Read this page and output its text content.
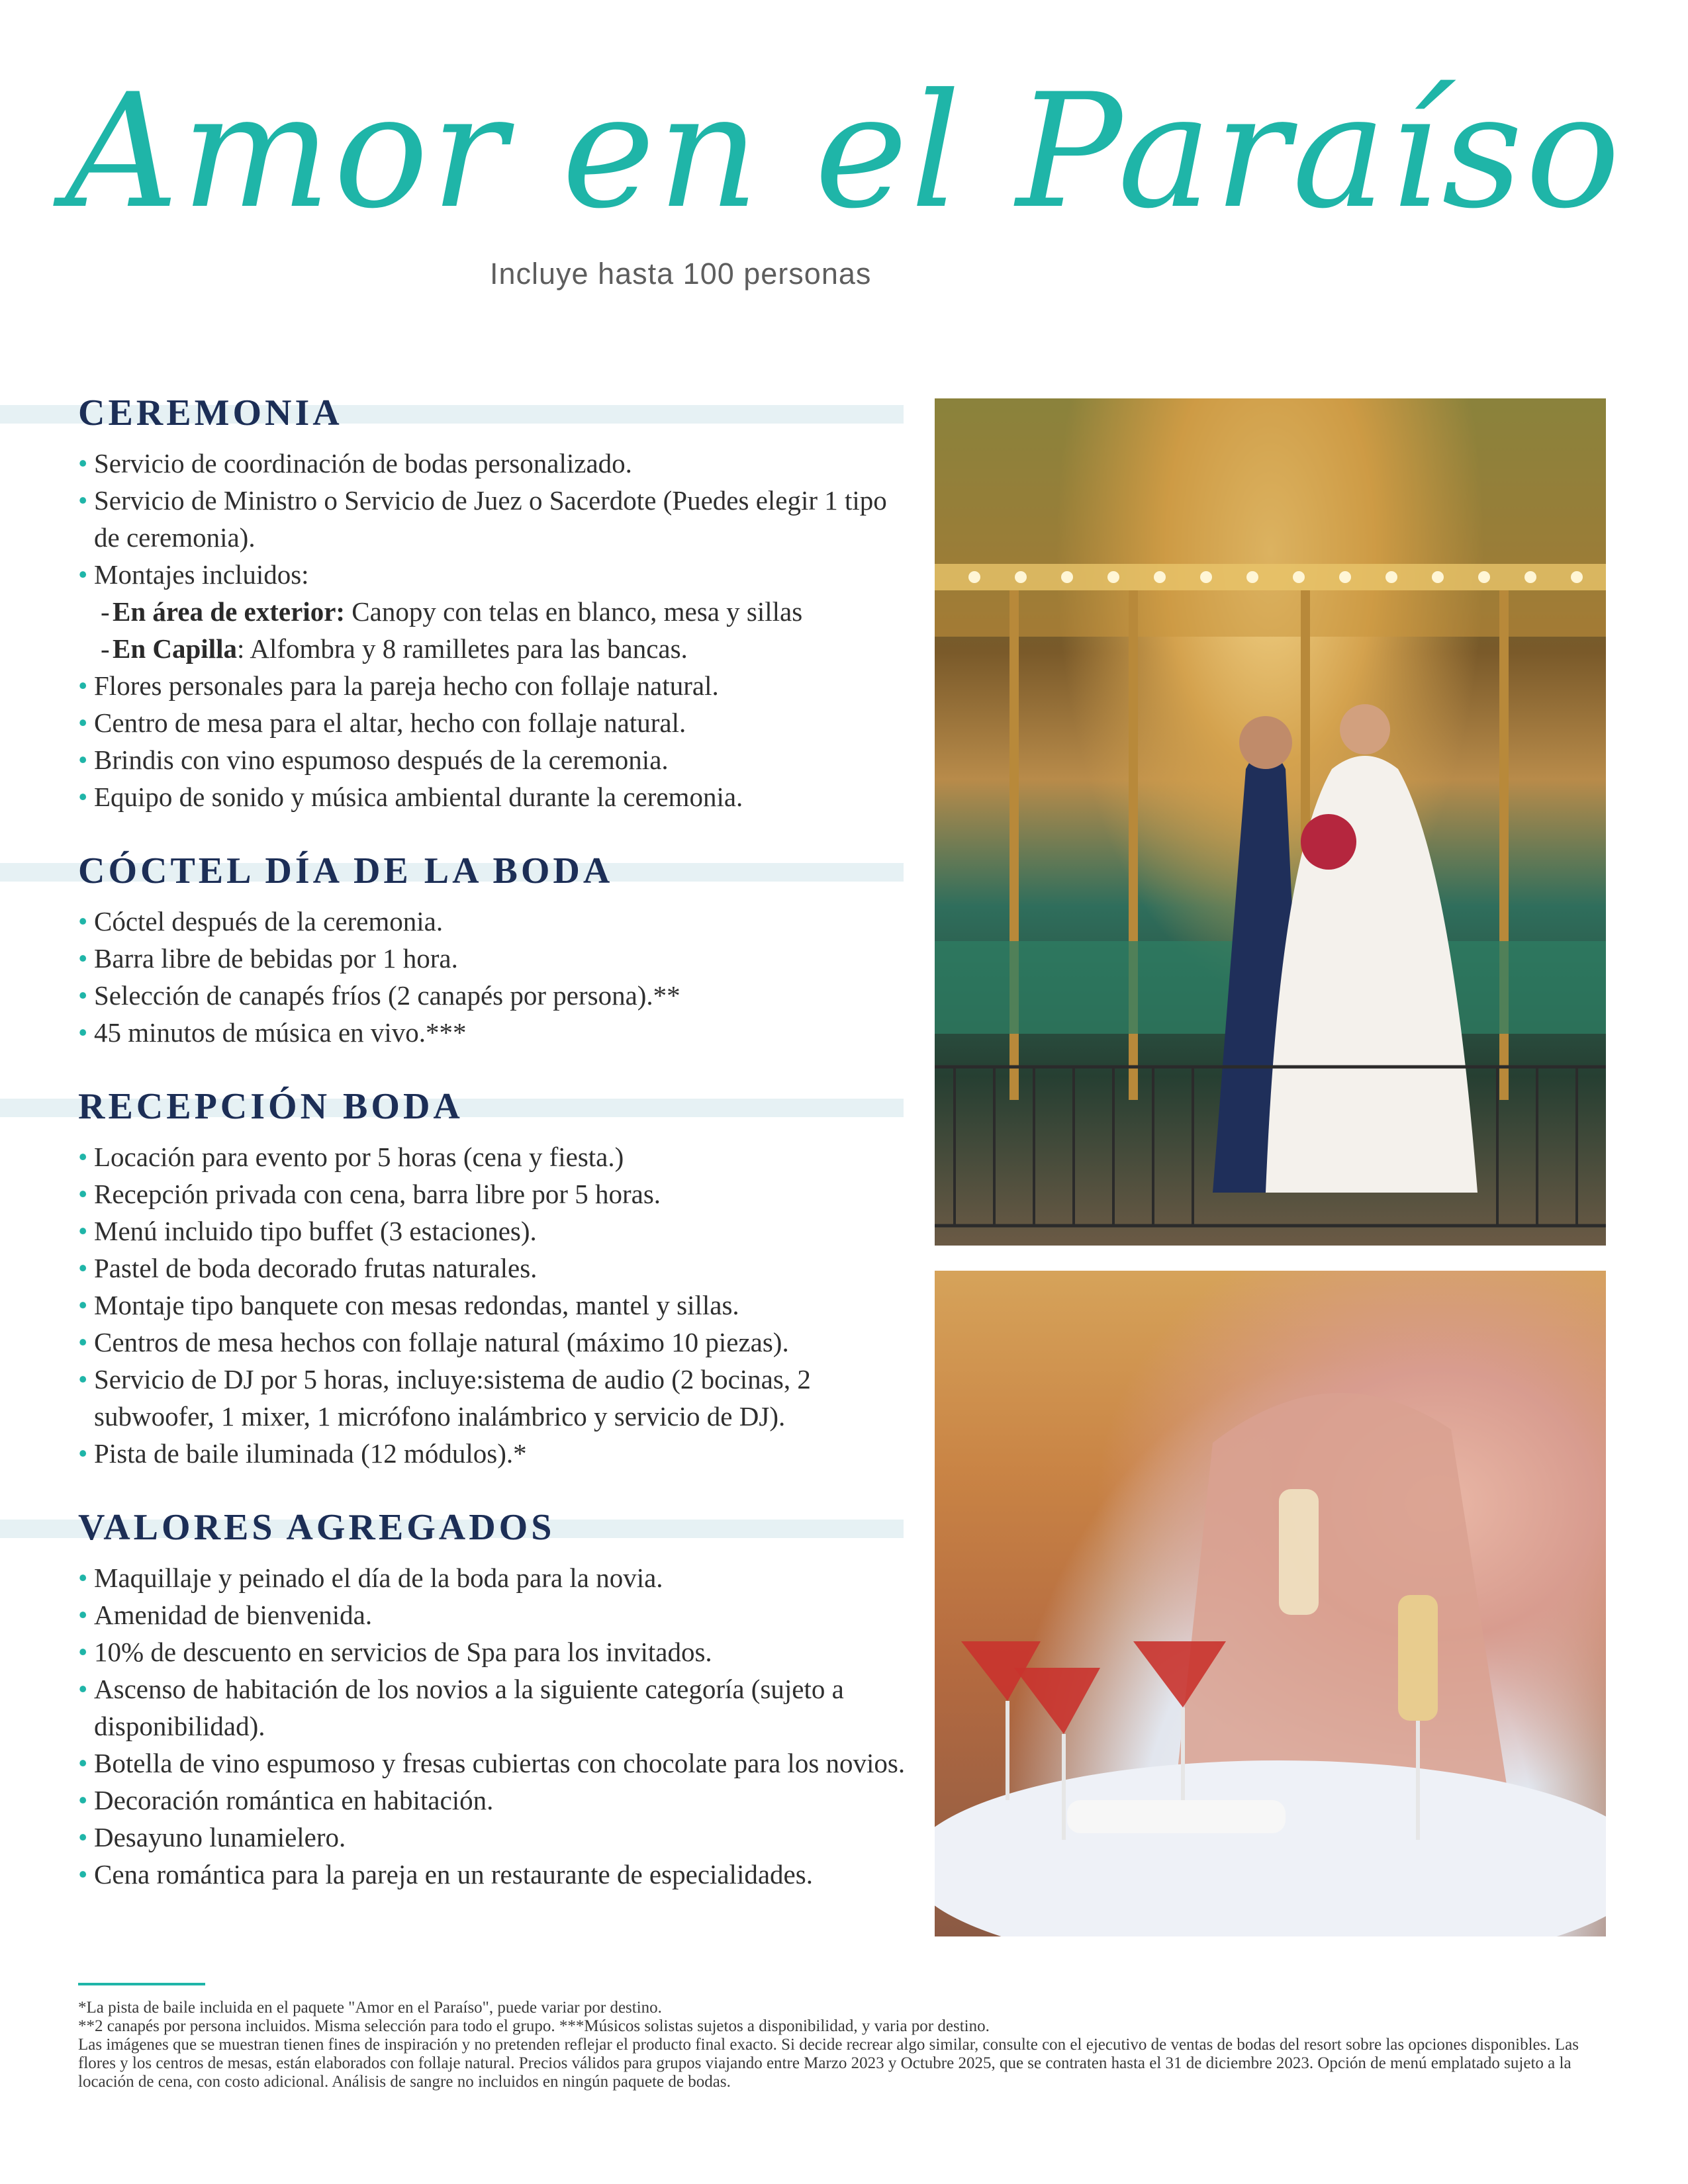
Amor en el Paraíso
Incluye hasta 100 personas
CEREMONIA
• Servicio de coordinación de bodas personalizado.
• Servicio de Ministro o Servicio de Juez o Sacerdote (Puedes elegir 1 tipo de ceremonia).
• Montajes incluidos:
- En área de exterior: Canopy con telas en blanco, mesa y sillas
- En Capilla: Alfombra y 8 ramilletes para las bancas.
• Flores personales para la pareja hecho con follaje natural.
• Centro de mesa para el altar, hecho con follaje natural.
• Brindis con vino espumoso después de la ceremonia.
• Equipo de sonido y música ambiental durante la ceremonia.
CÓCTEL DÍA DE LA BODA
• Cóctel después de la ceremonia.
• Barra libre de bebidas por 1 hora.
• Selección de canapés fríos (2 canapés por persona).**
• 45 minutos de música en vivo.***
RECEPCIÓN BODA
• Locación para evento por 5 horas (cena y fiesta.)
• Recepción privada con cena, barra libre por 5 horas.
• Menú incluido tipo buffet (3 estaciones).
• Pastel de boda decorado frutas naturales.
• Montaje tipo banquete con mesas redondas, mantel y sillas.
• Centros de mesa hechos con follaje natural (máximo 10 piezas).
• Servicio de DJ por 5 horas, incluye:sistema de audio (2 bocinas, 2 subwoofer, 1 mixer, 1 micrófono inalámbrico y servicio de DJ).
• Pista de baile iluminada (12 módulos).*
VALORES AGREGADOS
• Maquillaje y peinado el día de la boda para la novia.
• Amenidad de bienvenida.
• 10% de descuento en servicios de Spa para los invitados.
• Ascenso de habitación de los novios a la siguiente categoría (sujeto a disponibilidad).
• Botella de vino espumoso y fresas cubiertas con chocolate para los novios.
• Decoración romántica en habitación.
• Desayuno lunamielero.
• Cena romántica para la pareja en un restaurante de especialidades.

*La pista de baile incluida en el paquete "Amor en el Paraíso", puede variar por destino.

**2 canapés por persona incluidos. Misma selección para todo el grupo. ***Músicos solistas sujetos a disponibilidad, y varia por destino.

Las imágenes que se muestran tienen fines de inspiración y no pretenden reflejar el producto final exacto. Si decide recrear algo similar, consulte con el ejecutivo de ventas de bodas del resort sobre las opciones disponibles. Las flores y los centros de mesas, están elaborados con follaje natural. Precios válidos para grupos viajando entre Marzo 2023 y Octubre 2025, que se contraten hasta el 31 de diciembre 2023. Opción de menú emplatado sujeto a la locación de cena, con costo adicional. Análisis de sangre no incluidos en ningún paquete de bodas.
